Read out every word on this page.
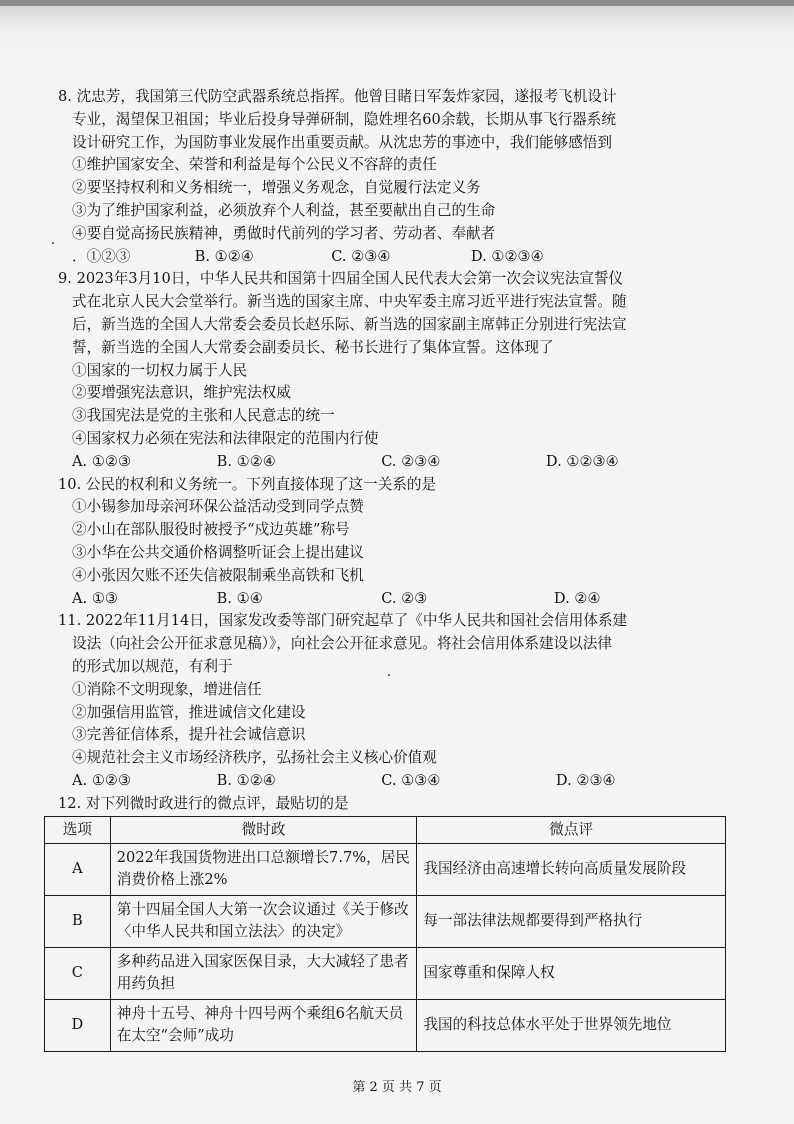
8. 沈忠芳，我国第三代防空武器系统总指挥。他曾目睹日军轰炸家园，遂报考飞机设计
专业，渴望保卫祖国；毕业后投身导弹研制，隐姓埋名60余载，长期从事飞行器系统
设计研究工作，为国防事业发展作出重要贡献。从沈忠芳的事迹中，我们能够感悟到
①维护国家安全、荣誉和利益是每个公民义不容辞的责任
②要坚持权利和义务相统一，增强义务观念，自觉履行法定义务
③为了维护国家利益，必须放弃个人利益，甚至要献出自己的生命
④要自觉高扬民族精神，勇做时代前列的学习者、劳动者、奉献者
．①②③	B. ①②④	C. ②③④	D. ①②③④
9. 2023年3月10日，中华人民共和国第十四届全国人民代表大会第一次会议宪法宣誓仪
式在北京人民大会堂举行。新当选的国家主席、中央军委主席习近平进行宪法宣誓。随
后，新当选的全国人大常委会委员长赵乐际、新当选的国家副主席韩正分别进行宪法宣
誓，新当选的全国人大常委会副委员长、秘书长进行了集体宣誓。这体现了
①国家的一切权力属于人民
②要增强宪法意识，维护宪法权威
③我国宪法是党的主张和人民意志的统一
④国家权力必须在宪法和法律限定的范围内行使
A. ①②③	B. ①②④	C. ②③④	D. ①②③④
10. 公民的权利和义务统一。下列直接体现了这一关系的是
①小锡参加母亲河环保公益活动受到同学点赞
②小山在部队服役时被授予“戍边英雄”称号
③小华在公共交通价格调整听证会上提出建议
④小张因欠账不还失信被限制乘坐高铁和飞机
A. ①③	B. ①④	C. ②③	D. ②④
11. 2022年11月14日，国家发改委等部门研究起草了《中华人民共和国社会信用体系建
设法（向社会公开征求意见稿）》，向社会公开征求意见。将社会信用体系建设以法律
的形式加以规范，有利于
①消除不文明现象，增进信任
②加强信用监管，推进诚信文化建设
③完善征信体系，提升社会诚信意识
④规范社会主义市场经济秩序，弘扬社会主义核心价值观
A. ①②③	B. ①②④	C. ①③④	D. ②③④
12. 对下列微时政进行的微点评，最贴切的是
选项	微时政	微点评
A	2022年我国货物进出口总额增长7.7%，居民消费价格上涨2%	我国经济由高速增长转向高质量发展阶段
B	第十四届全国人大第一次会议通过《关于修改〈中华人民共和国立法法〉的决定》	每一部法律法规都要得到严格执行
C	多种药品进入国家医保目录，大大减轻了患者用药负担	国家尊重和保障人权
D	神舟十五号、神舟十四号两个乘组6名航天员在太空“会师”成功	我国的科技总体水平处于世界领先地位
第 2 页 共 7 页
